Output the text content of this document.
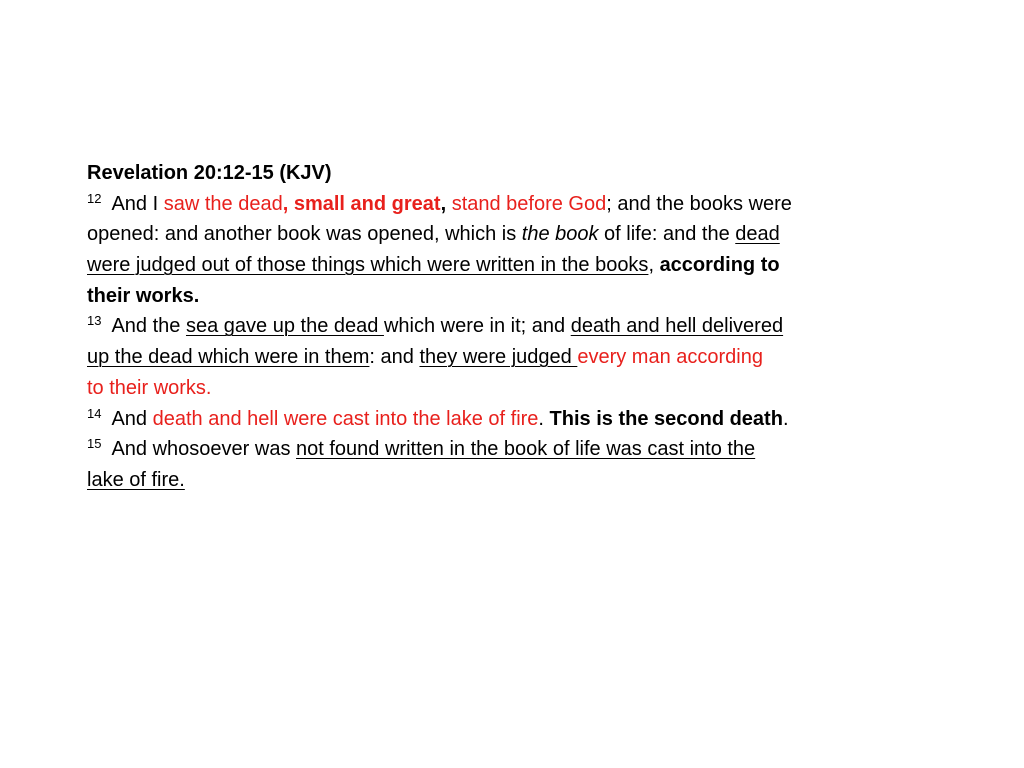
Revelation 20:12-15 (KJV)
$^{12}$ And I saw the dead, small and great, stand before God; and the books were
opened: and another book was opened, which is the book of life: and the dead
were judged out of those things which were written in the books, according to
their works.
$^{13}$ And the sea gave up the dead which were in it; and death and hell delivered
up the dead which were in them: and they were judged every man according
to their works.
$^{14}$ And death and hell were cast into the lake of fire. This is the second death.
$^{15}$ And whosoever was not found written in the book of life was cast into the
lake of fire.
